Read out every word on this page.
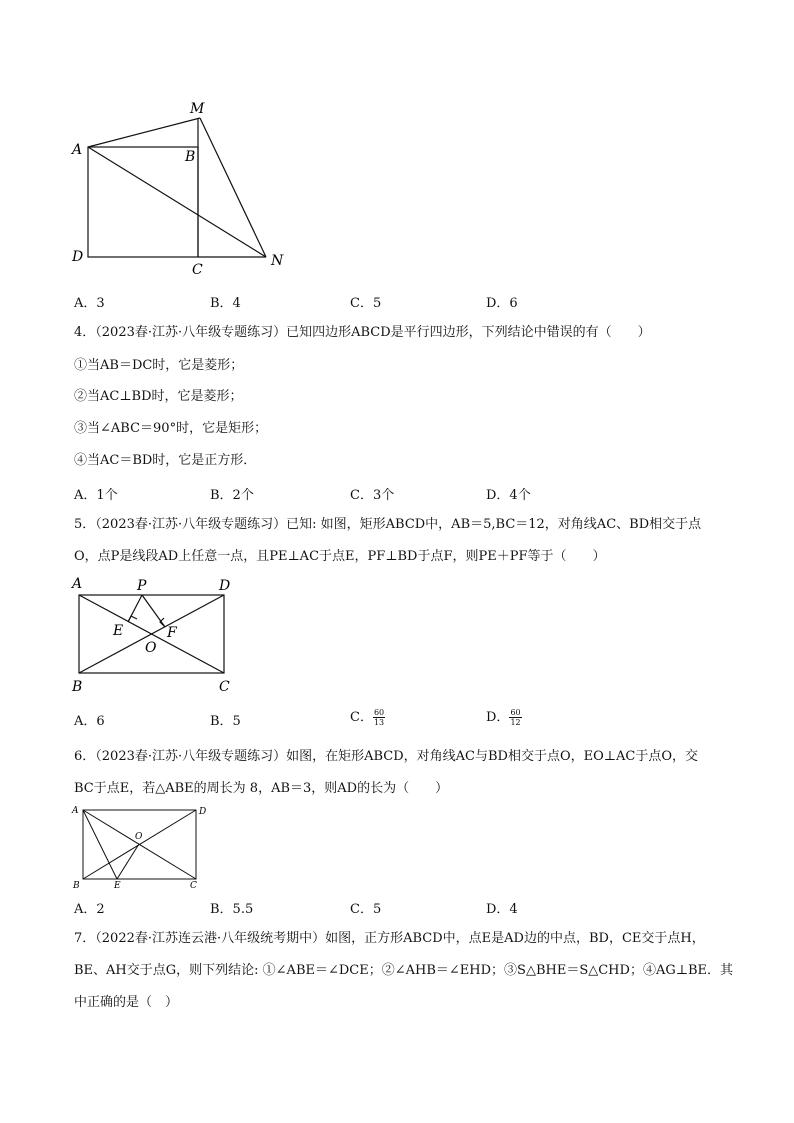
M
A	B
D
C
N
A．3	B．4	C．5	D．6
4．（2023春·江苏·八年级专题练习）已知四边形ABCD是平行四边形，下列结论中错误的有（　　）
①当AB＝DC时，它是菱形；
②当AC⊥BD时，它是菱形；
③当∠ABC＝90°时，它是矩形；
④当AC＝BD时，它是正方形．
A．1个	B．2个	C．3个	D．4个
5．（2023春·江苏·八年级专题练习）已知: 如图，矩形ABCD中，AB＝5,BC＝12，对角线AC、BD相交于点
O，点P是线段AD上任意一点，且PE⊥AC于点E，PF⊥BD于点F，则PE＋PF等于（　　）
A	P	D
E	F
O
B	C
A．6	B．5	C． $\frac{60}{13}$	D． $\frac{60}{12}$
6．（2023春·江苏·八年级专题练习）如图，在矩形ABCD，对角线AC与BD相交于点O，EO⊥AC于点O，交
BC于点E，若△ABE的周长为 8，AB＝3，则AD的长为（　　）
A	D
O
B	E	C
A．2	B．5.5	C．5	D．4
7．（2022春·江苏连云港·八年级统考期中）如图，正方形ABCD中，点E是AD边的中点，BD，CE交于点H，
BE、AH交于点G，则下列结论: ①∠ABE＝∠DCE；②∠AHB＝∠EHD；③S△BHE＝S△CHD；④AG⊥BE．其
中正确的是（　）
